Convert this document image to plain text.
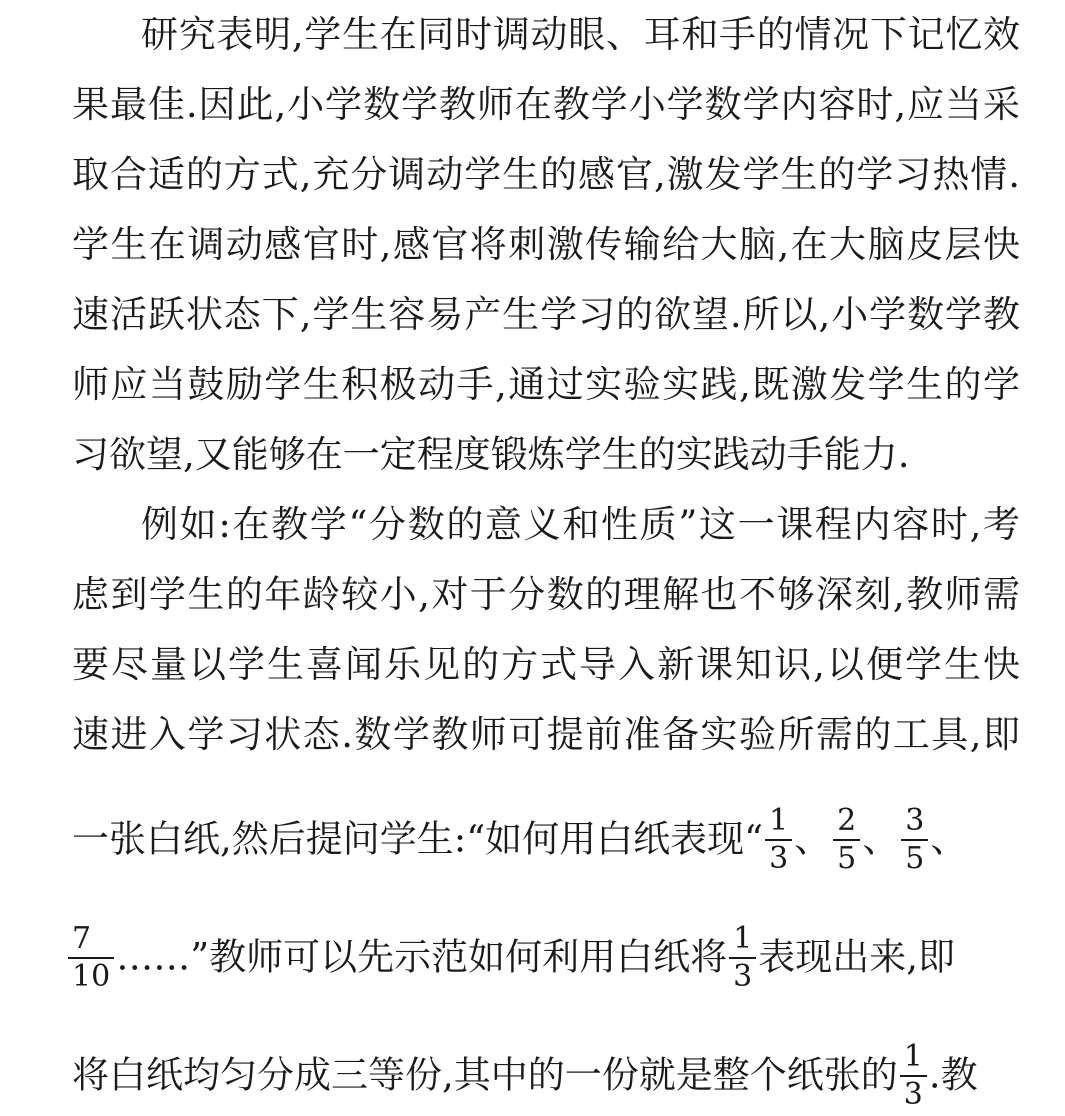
研究表明,学生在同时调动眼、耳和手的情况下记忆效
果最佳.因此,小学数学教师在教学小学数学内容时,应当采
取合适的方式,充分调动学生的感官,激发学生的学习热情.
学生在调动感官时,感官将刺激传输给大脑,在大脑皮层快
速活跃状态下,学生容易产生学习的欲望.所以,小学数学教
师应当鼓励学生积极动手,通过实验实践,既激发学生的学
习欲望,又能够在一定程度锻炼学生的实践动手能力.
例如:在教学“分数的意义和性质”这一课程内容时,考
虑到学生的年龄较小,对于分数的理解也不够深刻,教师需
要尽量以学生喜闻乐见的方式导入新课知识,以便学生快
速进入学习状态.数学教师可提前准备实验所需的工具,即
一张白纸,然后提问学生:“如何用白纸表现“ $\frac{1}{3}$ 、 $\frac{2}{5}$ 、 $\frac{3}{5}$ 、
$\frac{7}{10}$ ……”教师可以先示范如何利用白纸将 $\frac{1}{3}$ 表现出来,即
将白纸均匀分成三等份,其中的一份就是整个纸张的 $\frac{1}{3}$ .教
